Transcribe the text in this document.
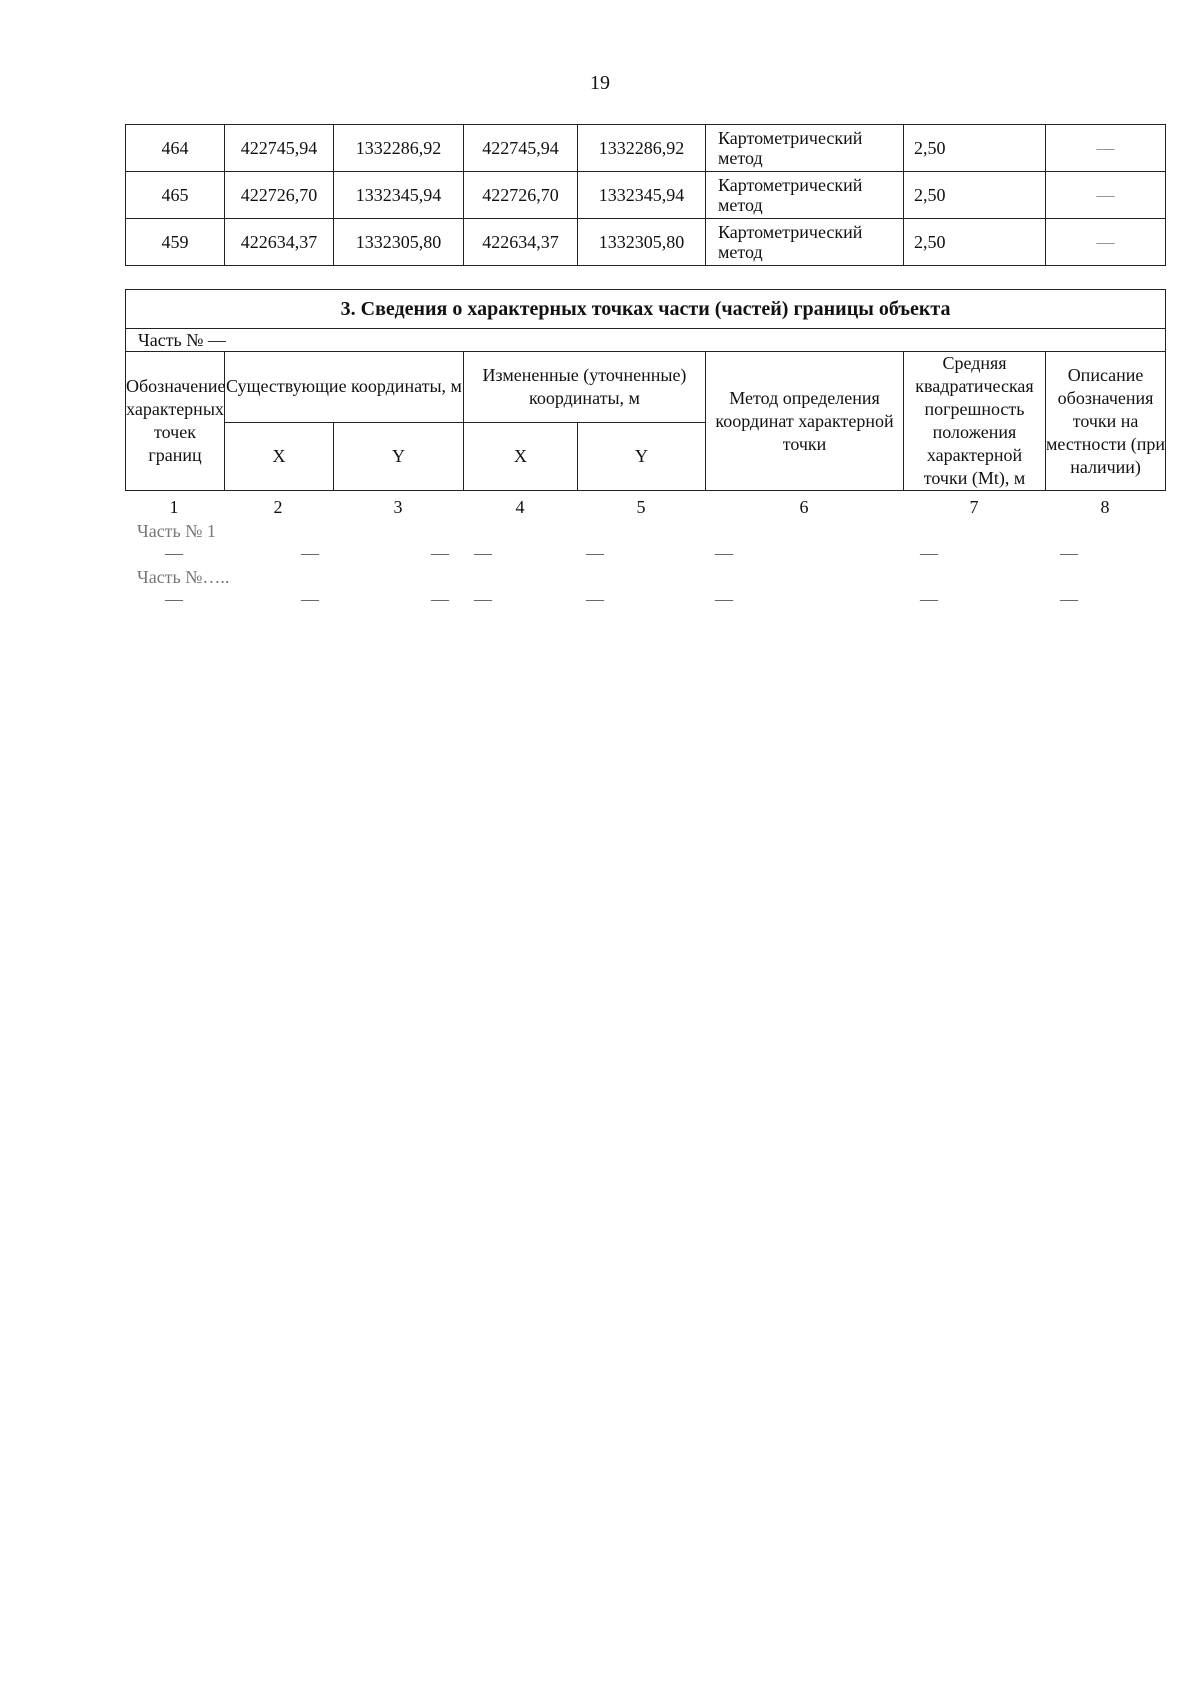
19
464	422745,94	1332286,92	422745,94	1332286,92	Картометрический метод	2,50	—
465	422726,70	1332345,94	422726,70	1332345,94	Картометрический метод	2,50	—
459	422634,37	1332305,80	422634,37	1332305,80	Картометрический метод	2,50	—
3. Сведения о характерных точках части (частей) границы объекта							
Часть № —							
Обозначение характерных точек границ	Существующие координаты, м		Измененные (уточненные) координаты, м		Метод определения координат характерной точки	Средняя квадратическая погрешность положения характерной точки (Mt), м	Описание обозначения точки на местности (при наличии)
	X	Y	X	Y			
1	2	3	4	5	6	7	8
Часть № 1
—	—	—	—	—	—	—	—
Часть №…..
—	—	—	—	—	—	—	—
